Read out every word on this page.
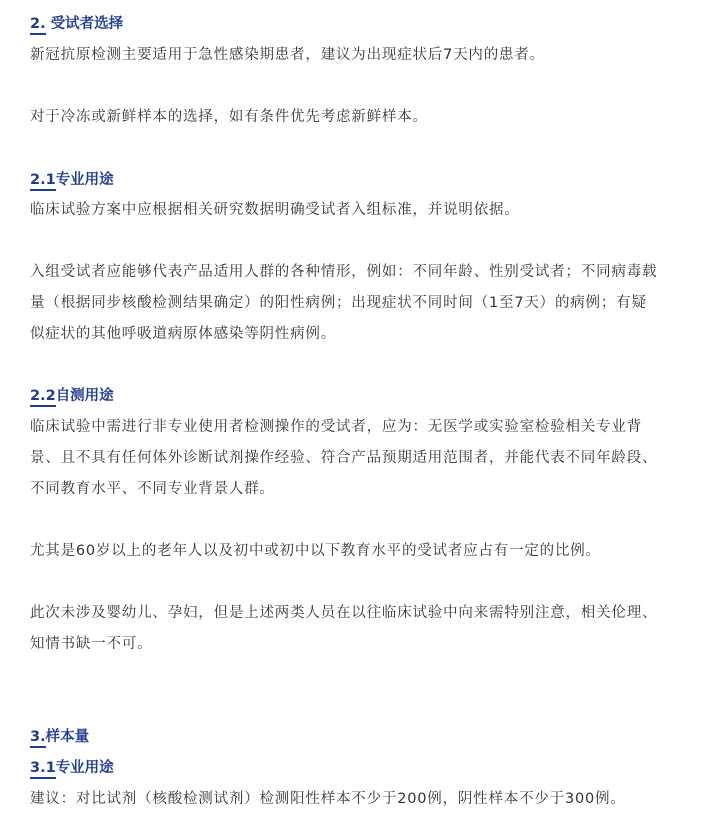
2. 受试者选择

新冠抗原检测主要适用于急性感染期患者，建议为出现症状后7天内的患者。

对于冷冻或新鲜样本的选择，如有条件优先考虑新鲜样本。

2.1专业用途

临床试验方案中应根据相关研究数据明确受试者入组标准，并说明依据。

入组受试者应能够代表产品适用人群的各种情形，例如：不同年龄、性别受试者；不同病毒载
量（根据同步核酸检测结果确定）的阳性病例；出现症状不同时间（1至7天）的病例；有疑
似症状的其他呼吸道病原体感染等阴性病例。

2.2自测用途

临床试验中需进行非专业使用者检测操作的受试者，应为：无医学或实验室检验相关专业背
景、且不具有任何体外诊断试剂操作经验、符合产品预期适用范围者，并能代表不同年龄段、
不同教育水平、不同专业背景人群。

尤其是60岁以上的老年人以及初中或初中以下教育水平的受试者应占有一定的比例。

此次未涉及婴幼儿、孕妇，但是上述两类人员在以往临床试验中向来需特别注意，相关伦理、
知情书缺一不可。

3.样本量
3.1专业用途

建议：对比试剂（核酸检测试剂）检测阳性样本不少于200例，阴性样本不少于300例。
